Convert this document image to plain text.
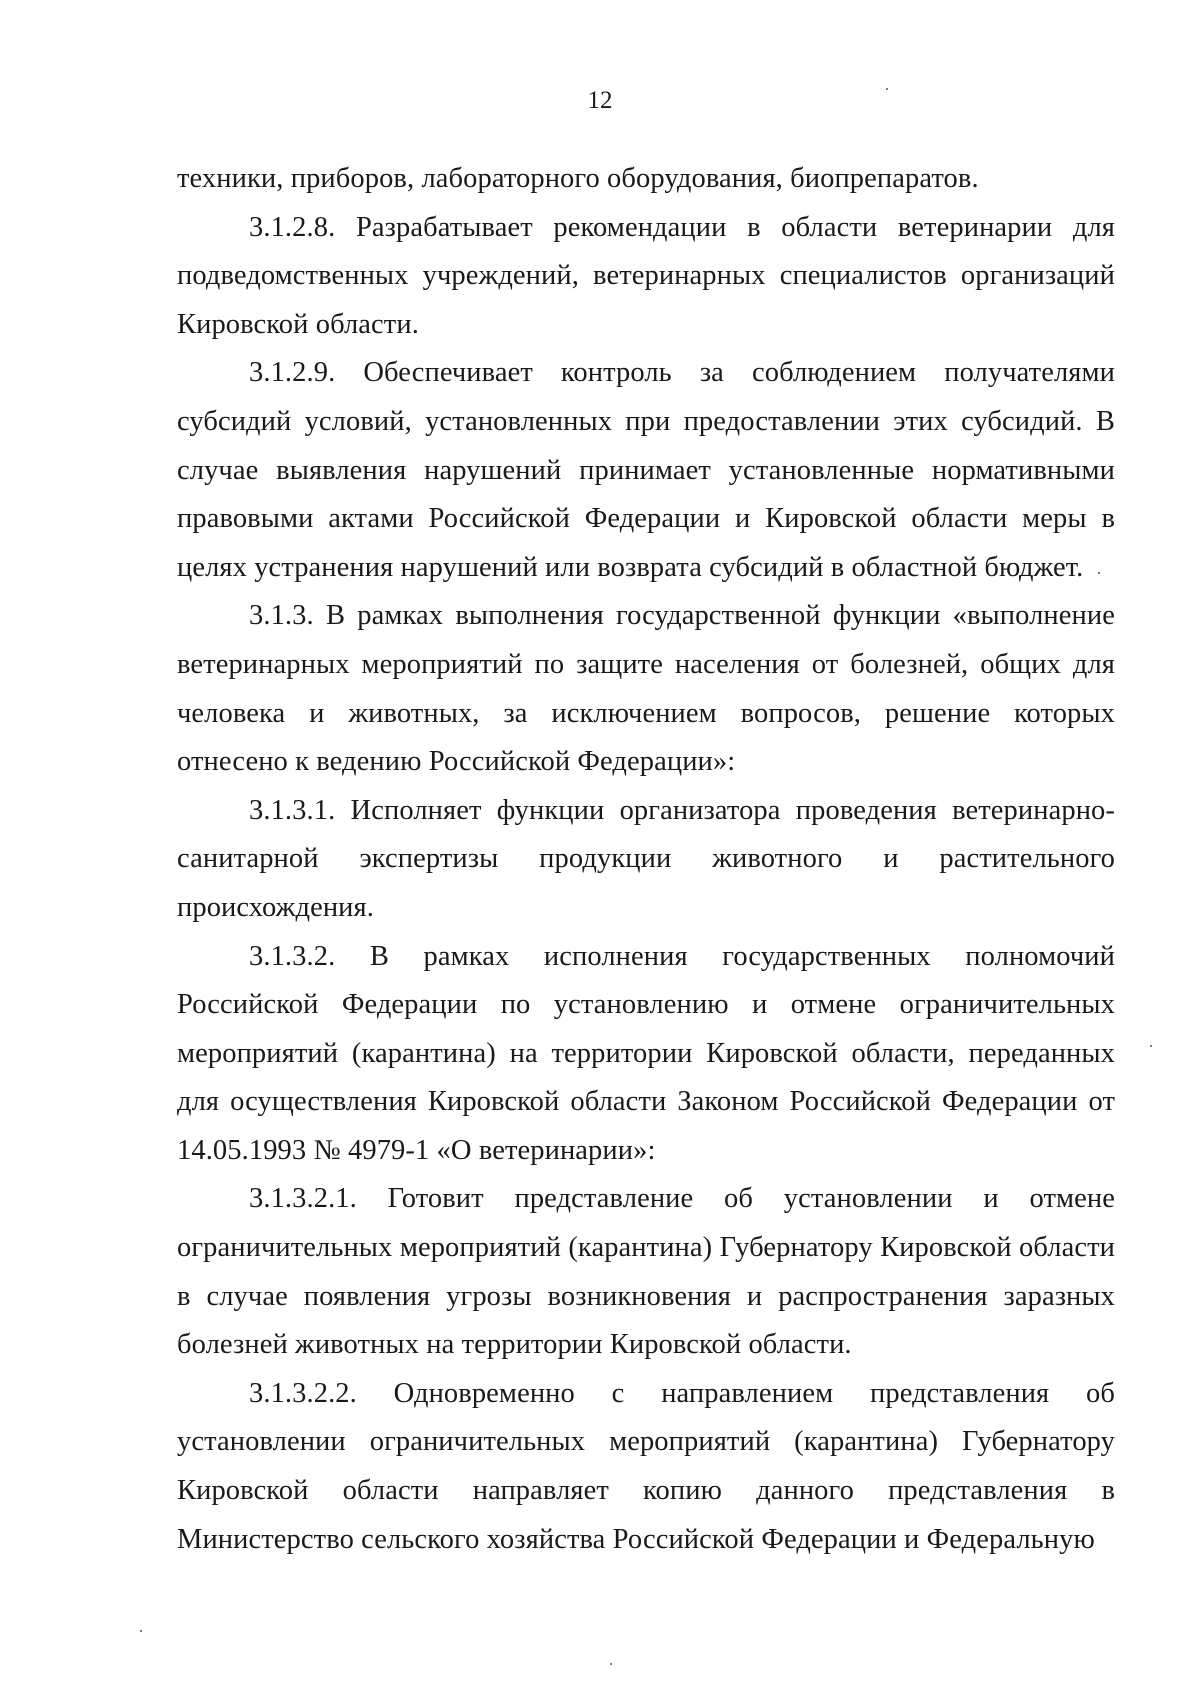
12

техники, приборов, лабораторного оборудования, биопрепаратов.

3.1.2.8. Разрабатывает рекомендации в области ветеринарии для подведомственных учреждений, ветеринарных специалистов организаций Кировской области.

3.1.2.9. Обеспечивает контроль за соблюдением получателями субсидий условий, установленных при предоставлении этих субсидий. В случае выявления нарушений принимает установленные нормативными правовыми актами Российской Федерации и Кировской области меры в целях устранения нарушений или возврата субсидий в областной бюджет.

3.1.3. В рамках выполнения государственной функции «выполнение ветеринарных мероприятий по защите населения от болезней, общих для человека и животных, за исключением вопросов, решение которых отнесено к ведению Российской Федерации»:

3.1.3.1. Исполняет функции организатора проведения ветеринарно-санитарной экспертизы продукции животного и растительного происхождения.

3.1.3.2. В рамках исполнения государственных полномочий Российской Федерации по установлению и отмене ограничительных мероприятий (карантина) на территории Кировской области, переданных для осуществления Кировской области Законом Российской Федерации от 14.05.1993 № 4979-1 «О ветеринарии»:

3.1.3.2.1. Готовит представление об установлении и отмене ограничительных мероприятий (карантина) Губернатору Кировской области в случае появления угрозы возникновения и распространения заразных болезней животных на территории Кировской области.

3.1.3.2.2. Одновременно с направлением представления об установлении ограничительных мероприятий (карантина) Губернатору Кировской области направляет копию данного представления в Министерство сельского хозяйства Российской Федерации и Федеральную
